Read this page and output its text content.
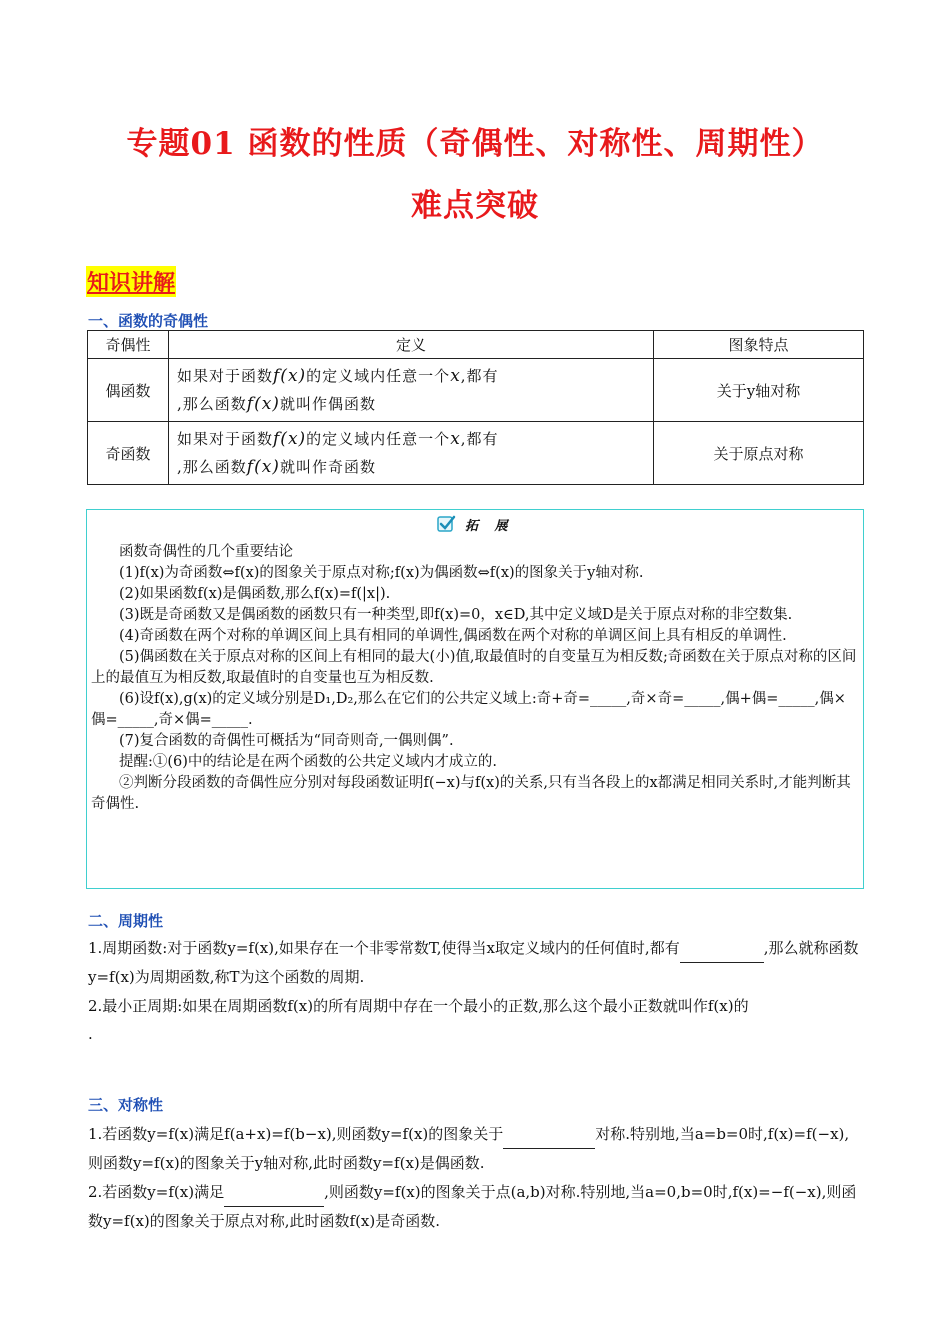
专题01 函数的性质（奇偶性、对称性、周期性）
难点突破
知识讲解
一、函数的奇偶性
奇偶性	定义	图象特点
偶函数	如果对于函数f(x)的定义域内任意一个x,都有
,那么函数f(x)就叫作偶函数	关于y轴对称
奇函数	如果对于函数f(x)的定义域内任意一个x,都有
,那么函数f(x)就叫作奇函数	关于原点对称
拓 展

函数奇偶性的几个重要结论

(1)f(x)为奇函数⇔f(x)的图象关于原点对称;f(x)为偶函数⇔f(x)的图象关于y轴对称.

(2)如果函数f(x)是偶函数,那么f(x)=f(|x|).

(3)既是奇函数又是偶函数的函数只有一种类型,即f(x)=0，x∈D,其中定义域D是关于原点对称的非空数集.

(4)奇函数在两个对称的单调区间上具有相同的单调性,偶函数在两个对称的单调区间上具有相反的单调性.

(5)偶函数在关于原点对称的区间上有相同的最大(小)值,取最值时的自变量互为相反数;奇函数在关于原点对称的区间上的最值互为相反数,取最值时的自变量也互为相反数.

(6)设f(x),g(x)的定义域分别是D₁,D₂,那么在它们的公共定义域上:奇+奇=_____,奇×奇=_____,偶+偶=_____,偶×偶=_____,奇×偶=_____.

(7)复合函数的奇偶性可概括为“同奇则奇,一偶则偶”.

提醒:①(6)中的结论是在两个函数的公共定义域内才成立的.

②判断分段函数的奇偶性应分别对每段函数证明f(−x)与f(x)的关系,只有当各段上的x都满足相同关系时,才能判断其奇偶性.

二、周期性

1.周期函数:对于函数y=f(x),如果存在一个非零常数T,使得当x取定义域内的任何值时,都有	,那么就称函数y=f(x)为周期函数,称T为这个函数的周期.

2.最小正周期:如果在周期函数f(x)的所有周期中存在一个最小的正数,那么这个最小正数就叫作f(x)的
.

三、对称性

1.若函数y=f(x)满足f(a+x)=f(b−x),则函数y=f(x)的图象关于	对称.特别地,当a=b=0时,f(x)=f(−x),则函数y=f(x)的图象关于y轴对称,此时函数y=f(x)是偶函数.

2.若函数y=f(x)满足	,则函数y=f(x)的图象关于点(a,b)对称.特别地,当a=0,b=0时,f(x)=−f(−x),则函数y=f(x)的图象关于原点对称,此时函数f(x)是奇函数.
